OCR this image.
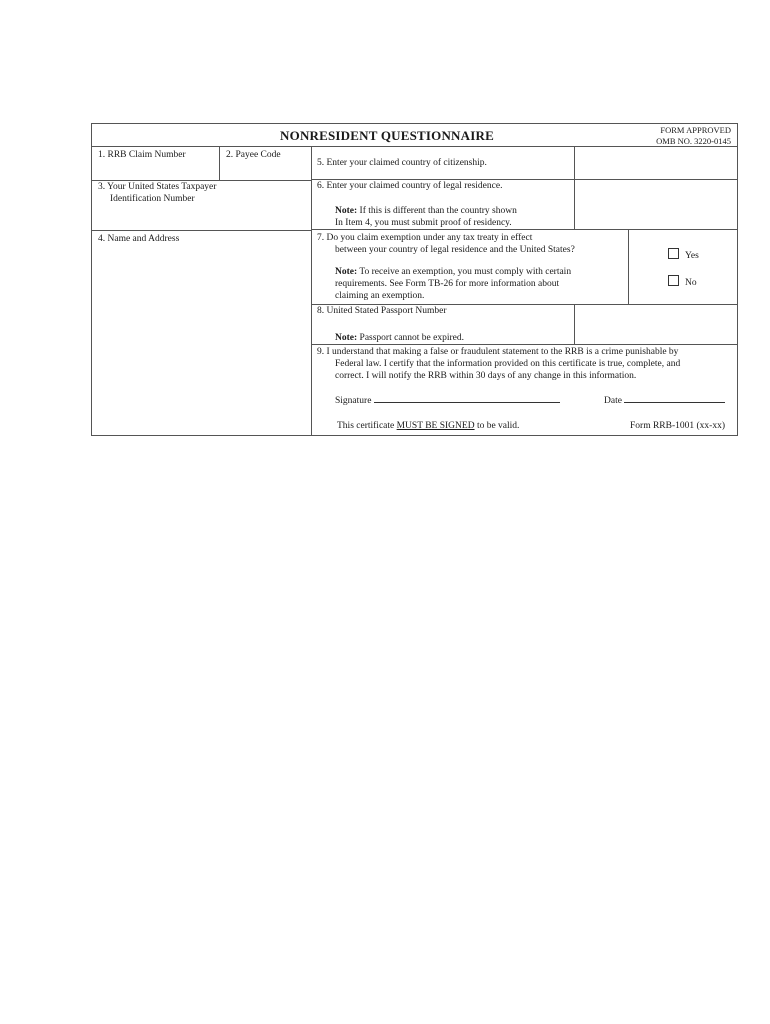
NONRESIDENT QUESTIONNAIRE	FORM APPROVED
OMB NO. 3220-0145
1. RRB Claim Number	2. Payee Code
3. Your United States Taxpayer
Identification Number
4. Name and Address
5. Enter your claimed country of citizenship.
6. Enter your claimed country of legal residence.
Note: If this is different than the country shown
In Item 4, you must submit proof of residency.
7. Do you claim exemption under any tax treaty in effect
between your country of legal residence and the United States?
Note: To receive an exemption, you must comply with certain
requirements. See Form TB-26 for more information about
claiming an exemption.
Yes
No
8. United Stated Passport Number
Note: Passport cannot be expired.
9. I understand that making a false or fraudulent statement to the RRB is a crime punishable by
Federal law. I certify that the information provided on this certificate is true, complete, and
correct. I will notify the RRB within 30 days of any change in this information.
Signature	Date
This certificate MUST BE SIGNED to be valid.	Form RRB-1001 (xx-xx)
